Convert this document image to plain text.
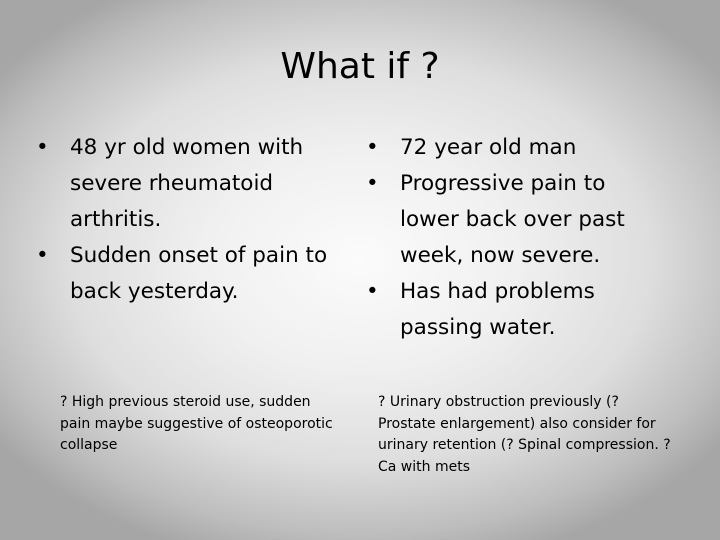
What if ?
• 48 yr old women with severe rheumatoid arthritis.
• Sudden onset of pain to back yesterday.
• 72 year old man
• Progressive pain to lower back over past week, now severe.
• Has had problems passing water.
? High previous steroid use, sudden pain maybe suggestive of osteoporotic collapse
? Urinary obstruction previously (? Prostate enlargement) also consider for urinary retention (? Spinal compression. ? Ca with mets
